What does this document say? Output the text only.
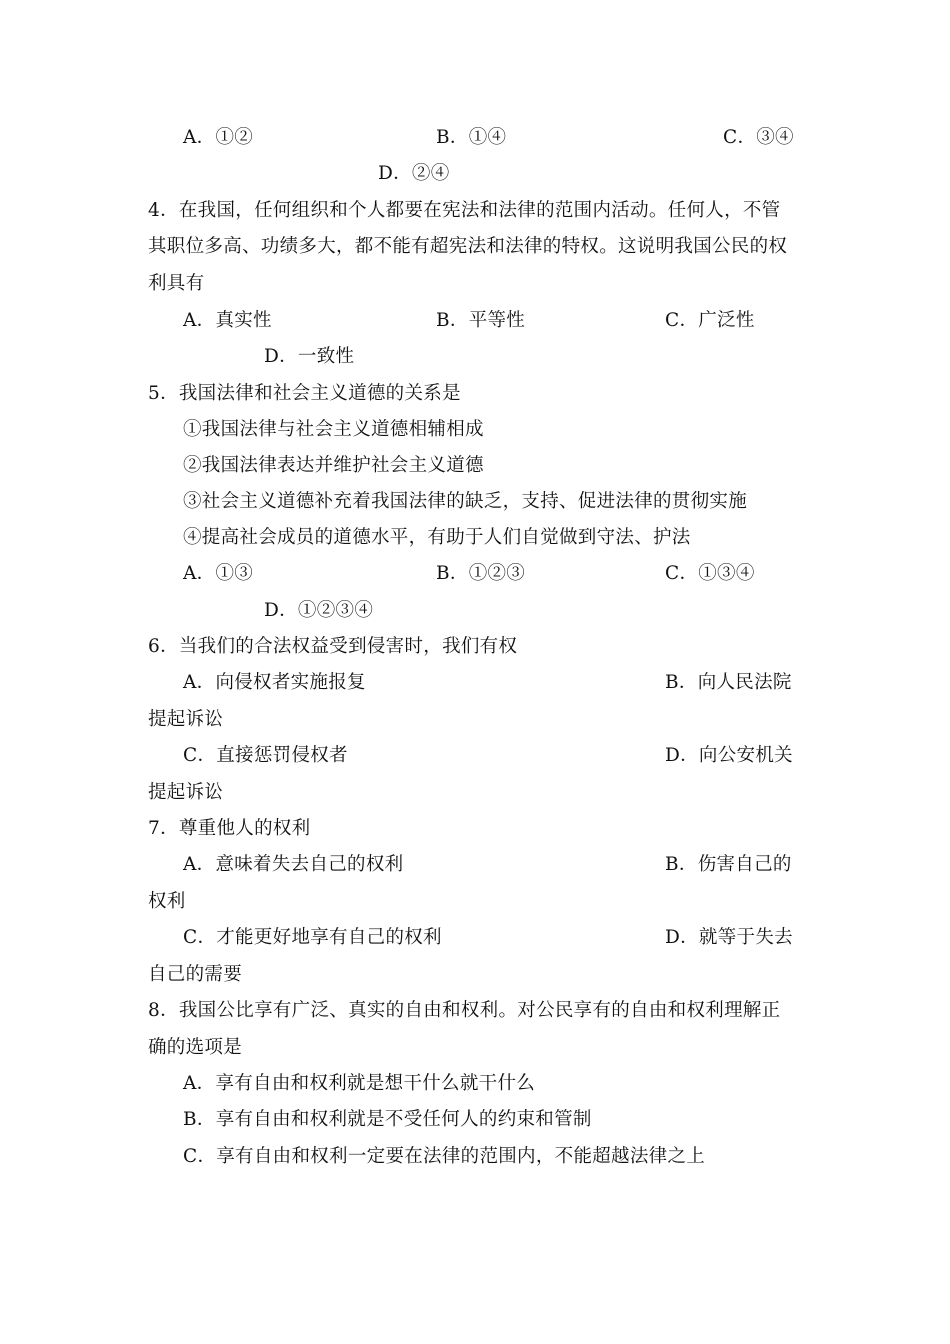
A．①②	B．①④	C．③④
D．②④
4．在我国，任何组织和个人都要在宪法和法律的范围内活动。任何人，不管
其职位多高、功绩多大，都不能有超宪法和法律的特权。这说明我国公民的权
利具有
A．真实性	B．平等性	C．广泛性
D．一致性
5．我国法律和社会主义道德的关系是
①我国法律与社会主义道德相辅相成
②我国法律表达并维护社会主义道德
③社会主义道德补充着我国法律的缺乏，支持、促进法律的贯彻实施
④提高社会成员的道德水平，有助于人们自觉做到守法、护法
A．①③	B．①②③	C．①③④
D．①②③④
6．当我们的合法权益受到侵害时，我们有权
A．向侵权者实施报复	B．向人民法院
提起诉讼
C．直接惩罚侵权者	D．向公安机关
提起诉讼
7．尊重他人的权利
A．意味着失去自己的权利	B．伤害自己的
权利
C．才能更好地享有自己的权利	D．就等于失去
自己的需要
8．我国公比享有广泛、真实的自由和权利。对公民享有的自由和权利理解正
确的选项是
A．享有自由和权利就是想干什么就干什么
B．享有自由和权利就是不受任何人的约束和管制
C．享有自由和权利一定要在法律的范围内，不能超越法律之上
